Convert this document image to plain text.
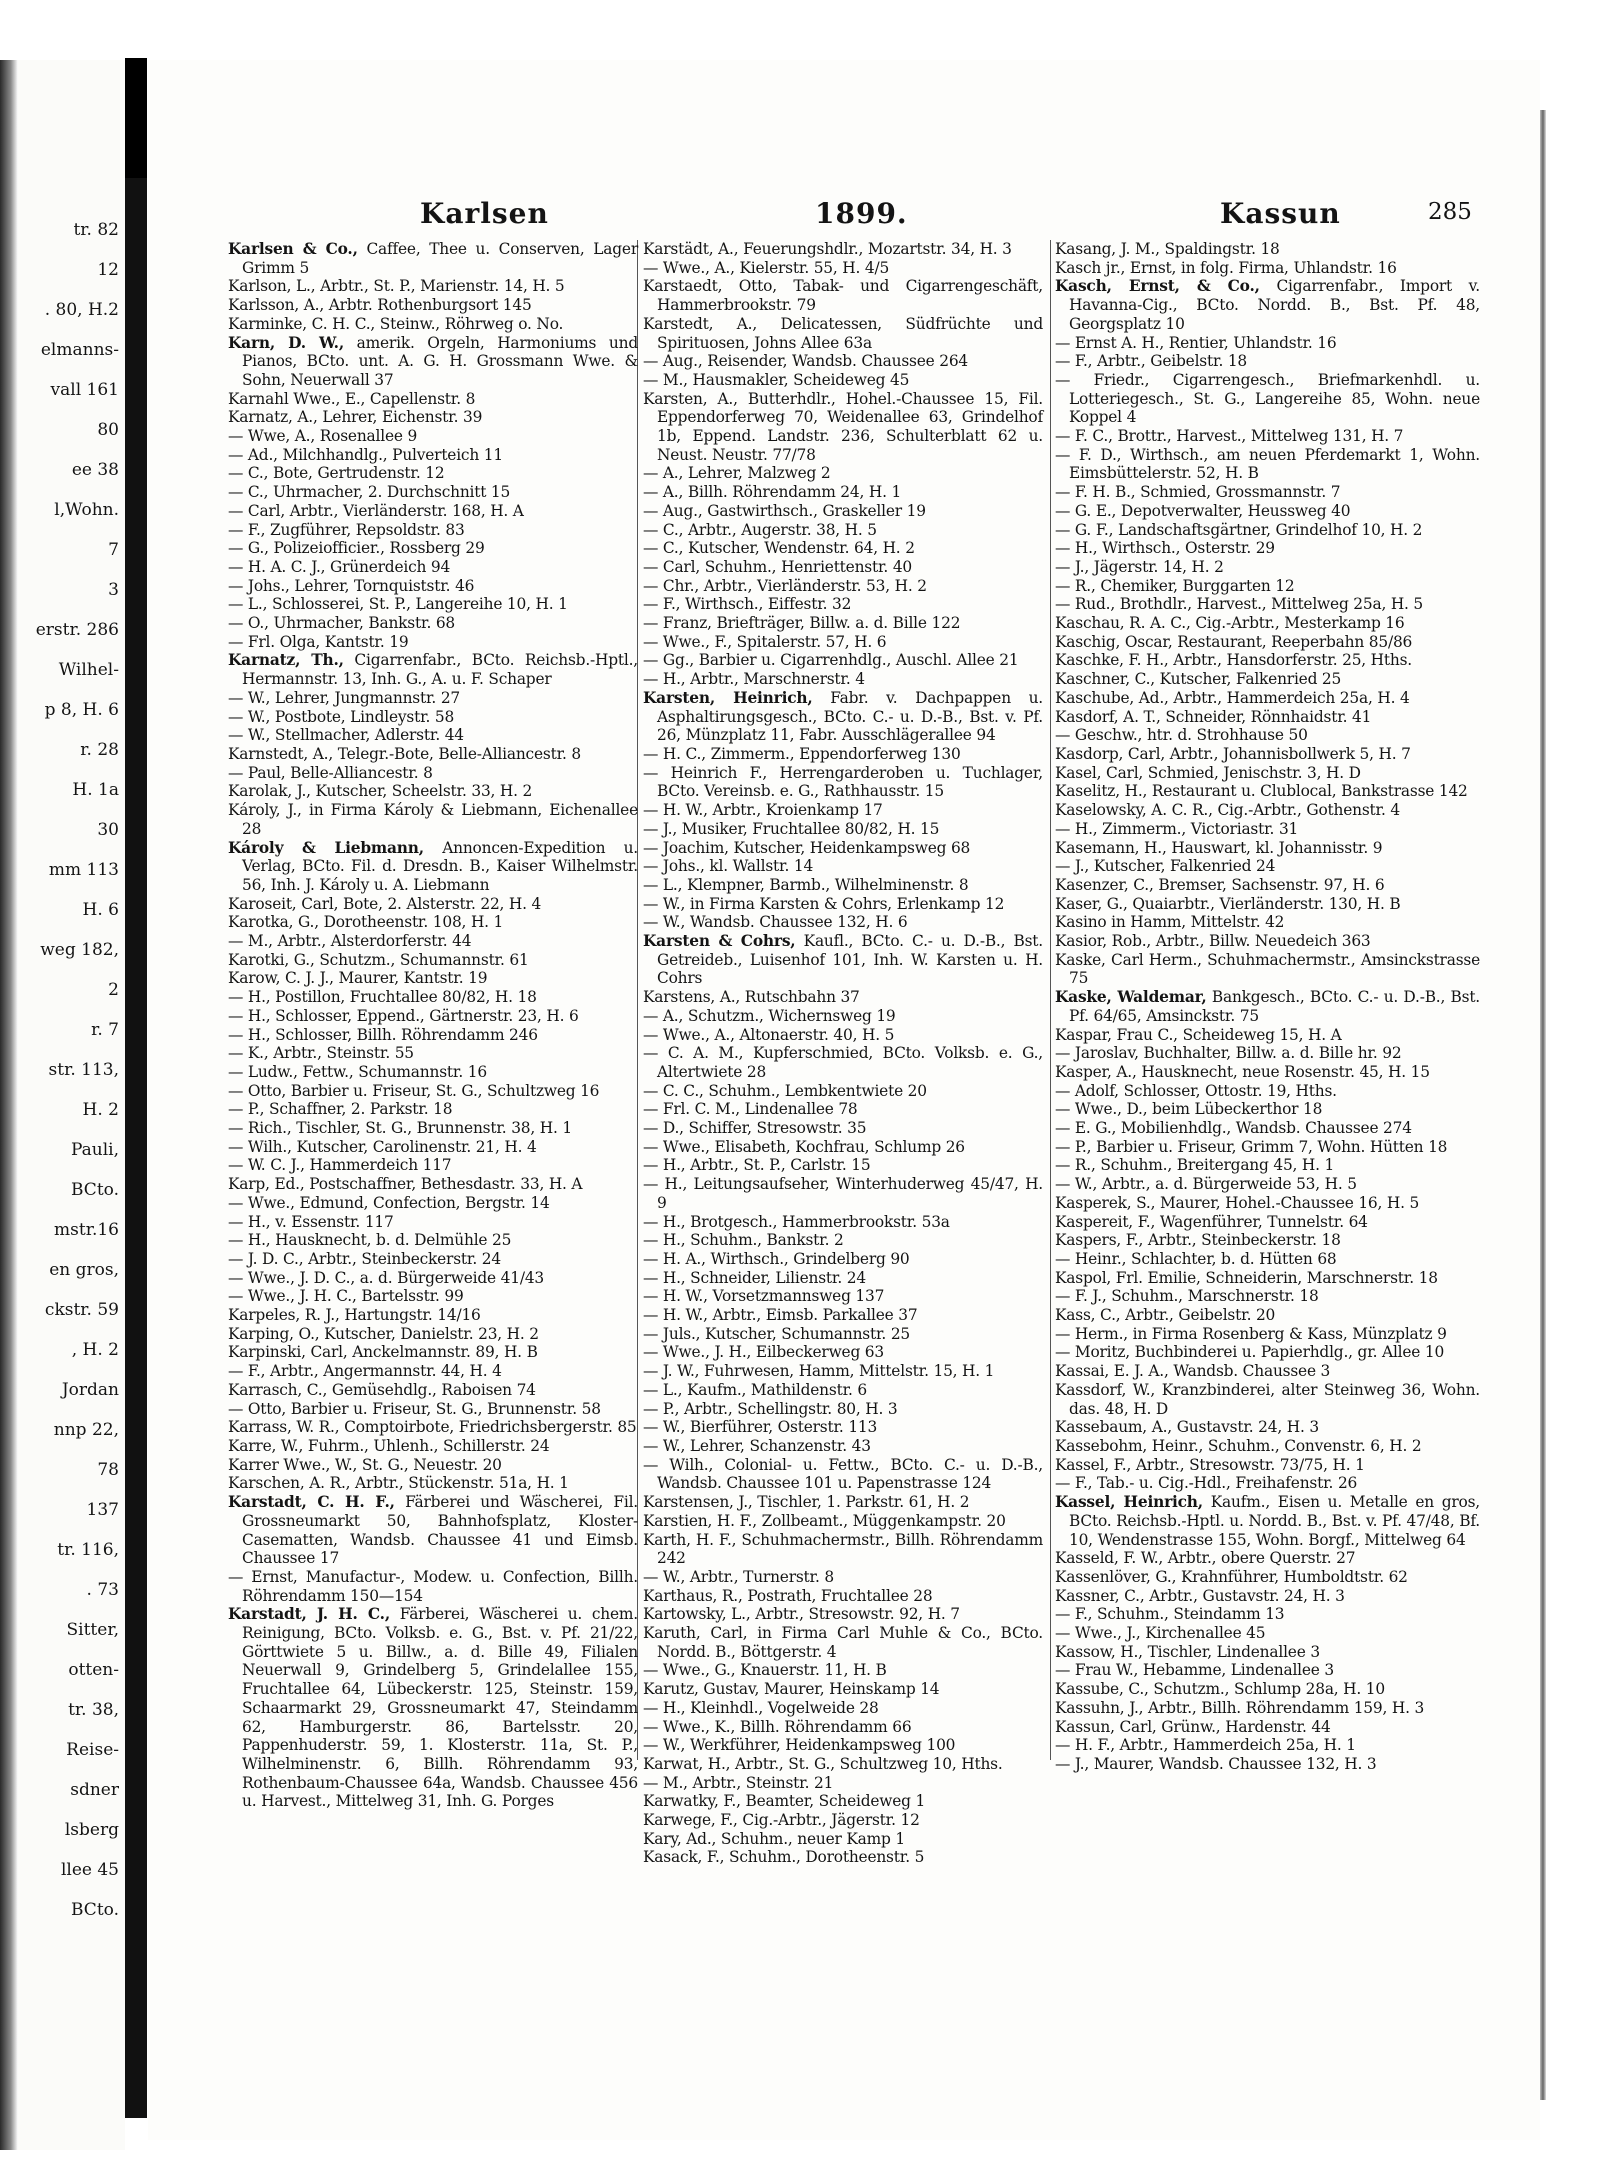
tr. 82
12
. 80, H.2
elmanns-
vall 161
80
ee 38
l,Wohn.
7
3
erstr. 286
Wilhel-
p 8, H. 6
r. 28
H. 1a
30
mm 113
H. 6
weg 182,
2
r. 7
str. 113,
H. 2
Pauli,
BCto.
mstr.16
en gros,
ckstr. 59
, H. 2
Jordan
nnp 22,
78
137
tr. 116,
. 73
Sitter,
otten-
tr. 38,
Reise-
sdner
lsberg
llee 45
BCto.
Karlsen	1899.	Kassun	285
Karlsen & Co., Caffee, Thee u. Conserven, Lager Grimm 5
Karlson, L., Arbtr., St. P., Marienstr. 14, H. 5
Karlsson, A., Arbtr. Rothenburgsort 145
Karminke, C. H. C., Steinw., Röhrweg o. No.
Karn, D. W., amerik. Orgeln, Harmoniums und Pianos, BCto. unt. A. G. H. Grossmann Wwe. & Sohn, Neuerwall 37
Karnahl Wwe., E., Capellenstr. 8
Karnatz, A., Lehrer, Eichenstr. 39
— Wwe, A., Rosenallee 9
— Ad., Milchhandlg., Pulverteich 11
— C., Bote, Gertrudenstr. 12
— C., Uhrmacher, 2. Durchschnitt 15
— Carl, Arbtr., Vierländerstr. 168, H. A
— F., Zugführer, Repsoldstr. 83
— G., Polizeiofficier., Rossberg 29
— H. A. C. J., Grünerdeich 94
— Johs., Lehrer, Tornquiststr. 46
— L., Schlosserei, St. P., Langereihe 10, H. 1
— O., Uhrmacher, Bankstr. 68
— Frl. Olga, Kantstr. 19
Karnatz, Th., Cigarrenfabr., BCto. Reichsb.-Hptl., Hermannstr. 13, Inh. G., A. u. F. Schaper
— W., Lehrer, Jungmannstr. 27
— W., Postbote, Lindleystr. 58
— W., Stellmacher, Adlerstr. 44
Karnstedt, A., Telegr.-Bote, Belle-Alliancestr. 8
— Paul, Belle-Alliancestr. 8
Karolak, J., Kutscher, Scheelstr. 33, H. 2
Károly, J., in Firma Károly & Liebmann, Eichenallee 28
Károly & Liebmann, Annoncen-Expedition u. Verlag, BCto. Fil. d. Dresdn. B., Kaiser Wilhelmstr. 56, Inh. J. Károly u. A. Liebmann
Karoseit, Carl, Bote, 2. Alsterstr. 22, H. 4
Karotka, G., Dorotheenstr. 108, H. 1
— M., Arbtr., Alsterdorferstr. 44
Karotki, G., Schutzm., Schumannstr. 61
Karow, C. J. J., Maurer, Kantstr. 19
— H., Postillon, Fruchtallee 80/82, H. 18
— H., Schlosser, Eppend., Gärtnerstr. 23, H. 6
— H., Schlosser, Billh. Röhrendamm 246
— K., Arbtr., Steinstr. 55
— Ludw., Fettw., Schumannstr. 16
— Otto, Barbier u. Friseur, St. G., Schultzweg 16
— P., Schaffner, 2. Parkstr. 18
— Rich., Tischler, St. G., Brunnenstr. 38, H. 1
— Wilh., Kutscher, Carolinenstr. 21, H. 4
— W. C. J., Hammerdeich 117
Karp, Ed., Postschaffner, Bethesdastr. 33, H. A
— Wwe., Edmund, Confection, Bergstr. 14
— H., v. Essenstr. 117
— H., Hausknecht, b. d. Delmühle 25
— J. D. C., Arbtr., Steinbeckerstr. 24
— Wwe., J. D. C., a. d. Bürgerweide 41/43
— Wwe., J. H. C., Bartelsstr. 99
Karpeles, R. J., Hartungstr. 14/16
Karping, O., Kutscher, Danielstr. 23, H. 2
Karpinski, Carl, Anckelmannstr. 89, H. B
— F., Arbtr., Angermannstr. 44, H. 4
Karrasch, C., Gemüsehdlg., Raboisen 74
— Otto, Barbier u. Friseur, St. G., Brunnenstr. 58
Karrass, W. R., Comptoirbote, Friedrichsbergerstr. 85
Karre, W., Fuhrm., Uhlenh., Schillerstr. 24
Karrer Wwe., W., St. G., Neuestr. 20
Karschen, A. R., Arbtr., Stückenstr. 51a, H. 1
Karstadt, C. H. F., Färberei und Wäscherei, Fil. Grossneumarkt 50, Bahnhofsplatz, Kloster-Casematten, Wandsb. Chaussee 41 und Eimsb. Chaussee 17
— Ernst, Manufactur-, Modew. u. Confection, Billh. Röhrendamm 150—154
Karstadt, J. H. C., Färberei, Wäscherei u. chem. Reinigung, BCto. Volksb. e. G., Bst. v. Pf. 21/22, Görttwiete 5 u. Billw., a. d. Bille 49, Filialen Neuerwall 9, Grindelberg 5, Grindelallee 155, Fruchtallee 64, Lübeckerstr. 125, Steinstr. 159, Schaarmarkt 29, Grossneumarkt 47, Steindamm 62, Hamburgerstr. 86, Bartelsstr. 20, Pappenhuderstr. 59, 1. Klosterstr. 11a, St. P., Wilhelminenstr. 6, Billh. Röhrendamm 93, Rothenbaum-Chaussee 64a, Wandsb. Chaussee 456 u. Harvest., Mittelweg 31, Inh. G. Porges
Karstädt, A., Feuerungshdlr., Mozartstr. 34, H. 3
— Wwe., A., Kielerstr. 55, H. 4/5
Karstaedt, Otto, Tabak- und Cigarrengeschäft, Hammerbrookstr. 79
Karstedt, A., Delicatessen, Südfrüchte und Spirituosen, Johns Allee 63a
— Aug., Reisender, Wandsb. Chaussee 264
— M., Hausmakler, Scheideweg 45
Karsten, A., Butterhdlr., Hohel.-Chaussee 15, Fil. Eppendorferweg 70, Weidenallee 63, Grindelhof 1b, Eppend. Landstr. 236, Schulterblatt 62 u. Neust. Neustr. 77/78
— A., Lehrer, Malzweg 2
— A., Billh. Röhrendamm 24, H. 1
— Aug., Gastwirthsch., Graskeller 19
— C., Arbtr., Augerstr. 38, H. 5
— C., Kutscher, Wendenstr. 64, H. 2
— Carl, Schuhm., Henriettenstr. 40
— Chr., Arbtr., Vierländerstr. 53, H. 2
— F., Wirthsch., Eiffestr. 32
— Franz, Briefträger, Billw. a. d. Bille 122
— Wwe., F., Spitalerstr. 57, H. 6
— Gg., Barbier u. Cigarrenhdlg., Auschl. Allee 21
— H., Arbtr., Marschnerstr. 4
Karsten, Heinrich, Fabr. v. Dachpappen u. Asphaltirungsgesch., BCto. C.- u. D.-B., Bst. v. Pf. 26, Münzplatz 11, Fabr. Ausschlägerallee 94
— H. C., Zimmerm., Eppendorferweg 130
— Heinrich F., Herrengarderoben u. Tuchlager, BCto. Vereinsb. e. G., Rathhausstr. 15
— H. W., Arbtr., Kroienkamp 17
— J., Musiker, Fruchtallee 80/82, H. 15
— Joachim, Kutscher, Heidenkampsweg 68
— Johs., kl. Wallstr. 14
— L., Klempner, Barmb., Wilhelminenstr. 8
— W., in Firma Karsten & Cohrs, Erlenkamp 12
— W., Wandsb. Chaussee 132, H. 6
Karsten & Cohrs, Kaufl., BCto. C.- u. D.-B., Bst. Getreideb., Luisenhof 101, Inh. W. Karsten u. H. Cohrs
Karstens, A., Rutschbahn 37
— A., Schutzm., Wichernsweg 19
— Wwe., A., Altonaerstr. 40, H. 5
— C. A. M., Kupferschmied, BCto. Volksb. e. G., Altertwiete 28
— C. C., Schuhm., Lembkentwiete 20
— Frl. C. M., Lindenallee 78
— D., Schiffer, Stresowstr. 35
— Wwe., Elisabeth, Kochfrau, Schlump 26
— H., Arbtr., St. P., Carlstr. 15
— H., Leitungsaufseher, Winterhuderweg 45/47, H. 9
— H., Brotgesch., Hammerbrookstr. 53a
— H., Schuhm., Bankstr. 2
— H. A., Wirthsch., Grindelberg 90
— H., Schneider, Lilienstr. 24
— H. W., Vorsetzmannsweg 137
— H. W., Arbtr., Eimsb. Parkallee 37
— Juls., Kutscher, Schumannstr. 25
— Wwe., J. H., Eilbeckerweg 63
— J. W., Fuhrwesen, Hamm, Mittelstr. 15, H. 1
— L., Kaufm., Mathildenstr. 6
— P., Arbtr., Schellingstr. 80, H. 3
— W., Bierführer, Osterstr. 113
— W., Lehrer, Schanzenstr. 43
— Wilh., Colonial- u. Fettw., BCto. C.- u. D.-B., Wandsb. Chaussee 101 u. Papenstrasse 124
Karstensen, J., Tischler, 1. Parkstr. 61, H. 2
Karstien, H. F., Zollbeamt., Müggenkampstr. 20
Karth, H. F., Schuhmachermstr., Billh. Röhrendamm 242
— W., Arbtr., Turnerstr. 8
Karthaus, R., Postrath, Fruchtallee 28
Kartowsky, L., Arbtr., Stresowstr. 92, H. 7
Karuth, Carl, in Firma Carl Muhle & Co., BCto. Nordd. B., Böttgerstr. 4
— Wwe., G., Knauerstr. 11, H. B
Karutz, Gustav, Maurer, Heinskamp 14
— H., Kleinhdl., Vogelweide 28
— Wwe., K., Billh. Röhrendamm 66
— W., Werkführer, Heidenkampsweg 100
Karwat, H., Arbtr., St. G., Schultzweg 10, Hths.
— M., Arbtr., Steinstr. 21
Karwatky, F., Beamter, Scheideweg 1
Karwege, F., Cig.-Arbtr., Jägerstr. 12
Kary, Ad., Schuhm., neuer Kamp 1
Kasack, F., Schuhm., Dorotheenstr. 5
Kasang, J. M., Spaldingstr. 18
Kasch jr., Ernst, in folg. Firma, Uhlandstr. 16
Kasch, Ernst, & Co., Cigarrenfabr., Import v. Havanna-Cig., BCto. Nordd. B., Bst. Pf. 48, Georgsplatz 10
— Ernst A. H., Rentier, Uhlandstr. 16
— F., Arbtr., Geibelstr. 18
— Friedr., Cigarrengesch., Briefmarkenhdl. u. Lotteriegesch., St. G., Langereihe 85, Wohn. neue Koppel 4
— F. C., Brottr., Harvest., Mittelweg 131, H. 7
— F. D., Wirthsch., am neuen Pferdemarkt 1, Wohn. Eimsbüttelerstr. 52, H. B
— F. H. B., Schmied, Grossmannstr. 7
— G. E., Depotverwalter, Heussweg 40
— G. F., Landschaftsgärtner, Grindelhof 10, H. 2
— H., Wirthsch., Osterstr. 29
— J., Jägerstr. 14, H. 2
— R., Chemiker, Burggarten 12
— Rud., Brothdlr., Harvest., Mittelweg 25a, H. 5
Kaschau, R. A. C., Cig.-Arbtr., Mesterkamp 16
Kaschig, Oscar, Restaurant, Reeperbahn 85/86
Kaschke, F. H., Arbtr., Hansdorferstr. 25, Hths.
Kaschner, C., Kutscher, Falkenried 25
Kaschube, Ad., Arbtr., Hammerdeich 25a, H. 4
Kasdorf, A. T., Schneider, Rönnhaidstr. 41
— Geschw., htr. d. Strohhause 50
Kasdorp, Carl, Arbtr., Johannisbollwerk 5, H. 7
Kasel, Carl, Schmied, Jenischstr. 3, H. D
Kaselitz, H., Restaurant u. Clublocal, Bankstrasse 142
Kaselowsky, A. C. R., Cig.-Arbtr., Gothenstr. 4
— H., Zimmerm., Victoriastr. 31
Kasemann, H., Hauswart, kl. Johannisstr. 9
— J., Kutscher, Falkenried 24
Kasenzer, C., Bremser, Sachsenstr. 97, H. 6
Kaser, G., Quaiarbtr., Vierländerstr. 130, H. B
Kasino in Hamm, Mittelstr. 42
Kasior, Rob., Arbtr., Billw. Neuedeich 363
Kaske, Carl Herm., Schuhmachermstr., Amsinckstrasse 75
Kaske, Waldemar, Bankgesch., BCto. C.- u. D.-B., Bst. Pf. 64/65, Amsinckstr. 75
Kaspar, Frau C., Scheideweg 15, H. A
— Jaroslav, Buchhalter, Billw. a. d. Bille hr. 92
Kasper, A., Hausknecht, neue Rosenstr. 45, H. 15
— Adolf, Schlosser, Ottostr. 19, Hths.
— Wwe., D., beim Lübeckerthor 18
— E. G., Mobilienhdlg., Wandsb. Chaussee 274
— P., Barbier u. Friseur, Grimm 7, Wohn. Hütten 18
— R., Schuhm., Breitergang 45, H. 1
— W., Arbtr., a. d. Bürgerweide 53, H. 5
Kasperek, S., Maurer, Hohel.-Chaussee 16, H. 5
Kaspereit, F., Wagenführer, Tunnelstr. 64
Kaspers, F., Arbtr., Steinbeckerstr. 18
— Heinr., Schlachter, b. d. Hütten 68
Kaspol, Frl. Emilie, Schneiderin, Marschnerstr. 18
— F. J., Schuhm., Marschnerstr. 18
Kass, C., Arbtr., Geibelstr. 20
— Herm., in Firma Rosenberg & Kass, Münzplatz 9
— Moritz, Buchbinderei u. Papierhdlg., gr. Allee 10
Kassai, E. J. A., Wandsb. Chaussee 3
Kassdorf, W., Kranzbinderei, alter Steinweg 36, Wohn. das. 48, H. D
Kassebaum, A., Gustavstr. 24, H. 3
Kassebohm, Heinr., Schuhm., Convenstr. 6, H. 2
Kassel, F., Arbtr., Stresowstr. 73/75, H. 1
— F., Tab.- u. Cig.-Hdl., Freihafenstr. 26
Kassel, Heinrich, Kaufm., Eisen u. Metalle en gros, BCto. Reichsb.-Hptl. u. Nordd. B., Bst. v. Pf. 47/48, Bf. 10, Wendenstrasse 155, Wohn. Borgf., Mittelweg 64
Kasseld, F. W., Arbtr., obere Querstr. 27
Kassenlöver, G., Krahnführer, Humboldtstr. 62
Kassner, C., Arbtr., Gustavstr. 24, H. 3
— F., Schuhm., Steindamm 13
— Wwe., J., Kirchenallee 45
Kassow, H., Tischler, Lindenallee 3
— Frau W., Hebamme, Lindenallee 3
Kassube, C., Schutzm., Schlump 28a, H. 10
Kassuhn, J., Arbtr., Billh. Röhrendamm 159, H. 3
Kassun, Carl, Grünw., Hardenstr. 44
— H. F., Arbtr., Hammerdeich 25a, H. 1
— J., Maurer, Wandsb. Chaussee 132, H. 3
